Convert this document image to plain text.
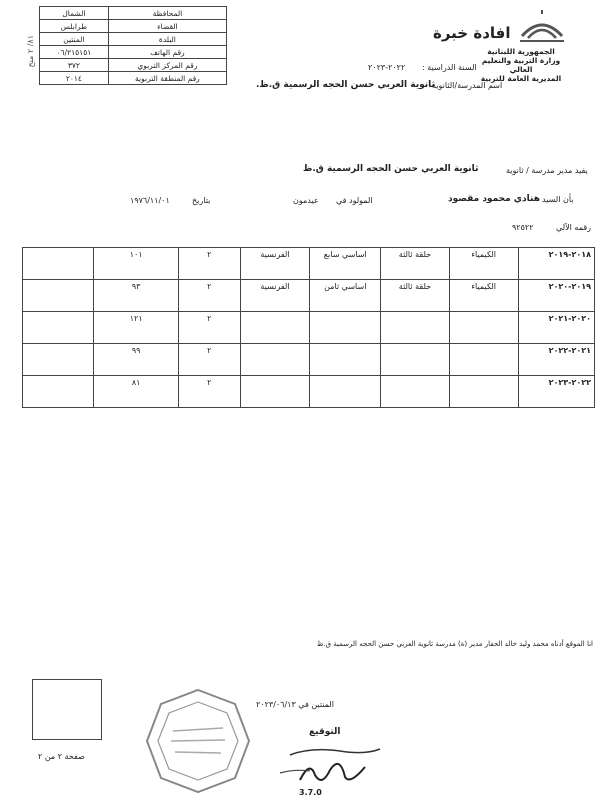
المحافظة	الشمال
القضاء	طرابلس
البلدة	المنتين
رقم الهاتف	٠٦/٢١٥١٥١
رقم المركز التربوي	٣٧٢
رقم المنطقة التربوية	٢٠١٤
٨١/ ٢ منح
الجمهورية اللبنانية
وزارة التربية والتعليم العالي
المديرية العامة للتربية
افادة خبرة
السنة الدراسية :
٢٠٢٢-٢٠٢٣
اسم المدرسة/الثانوية
ثانوية العربي حسن الحجه الرسمية ق.ظ.
يفيد مدير مدرسة / ثانوية
ثانوية العربي حسن الحجه الرسمية ق.ظ
بأن السيد
هنادي محمود مقصود
المولود في
عيدمون
بتاريخ
١٩٧٦/١١/٠١
رقمه الآلي
٩٢٥٢٢
٢٠١٨-٢٠١٩	الكيمياء	حلقة ثالثة	اساسي سابع	الفرنسية	٢	١٠١	
٢٠١٩-٢٠٢٠	الكيمياء	حلقة ثالثة	اساسي ثامن	الفرنسية	٢	٩٣	
٢٠٢٠-٢٠٢١					٢	١٢١	
٢٠٢١-٢٠٢٢					٢	٩٩	
٢٠٢٢-٢٠٢٣					٢	٨١	
انا الموقع أدناه محمد وليد خالد الحفار مدير (ة) مدرسة ثانوية العربي حسن الحجه الرسمية ق.ظ
المنتين في ٢٠٢٣/٠٦/١٣
التوقيع
3.7.0
صفحة ٢ من ٢
